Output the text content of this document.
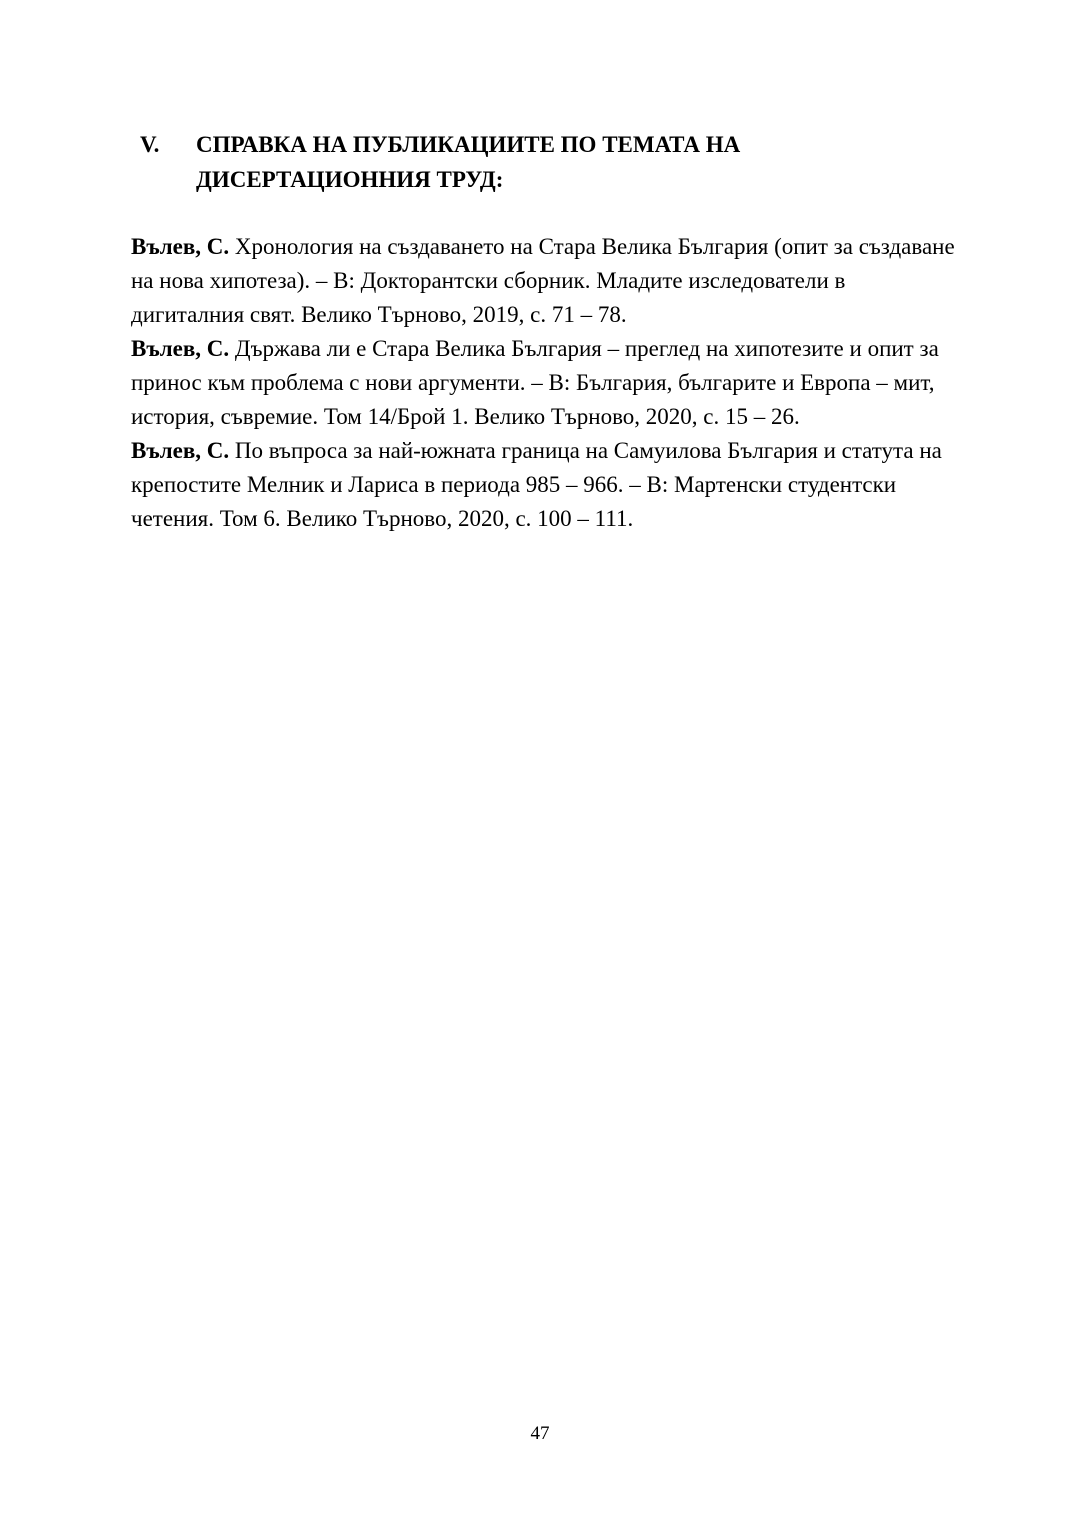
V.	СПРАВКА НА ПУБЛИКАЦИИТЕ ПО ТЕМАТА НА ДИСЕРТАЦИОННИЯ ТРУД:

Вълев, С. Хронология на създаването на Стара Велика България (опит за създаване на нова хипотеза). – В: Докторантски сборник. Младите изследователи в дигиталния свят. Велико Търново, 2019, с. 71 – 78.

Вълев, С. Държава ли е Стара Велика България – преглед на хипотезите и опит за принос към проблема с нови аргументи. – В: България, българите и Европа – мит, история, съвремие. Том 14/Брой 1. Велико Търново, 2020, с. 15 – 26.

Вълев, С. По въпроса за най-южната граница на Самуилова България и статута на крепостите Мелник и Лариса в периода 985 – 966. – В: Мартенски студентски четения. Том 6. Велико Търново, 2020, с. 100 – 111.

47
